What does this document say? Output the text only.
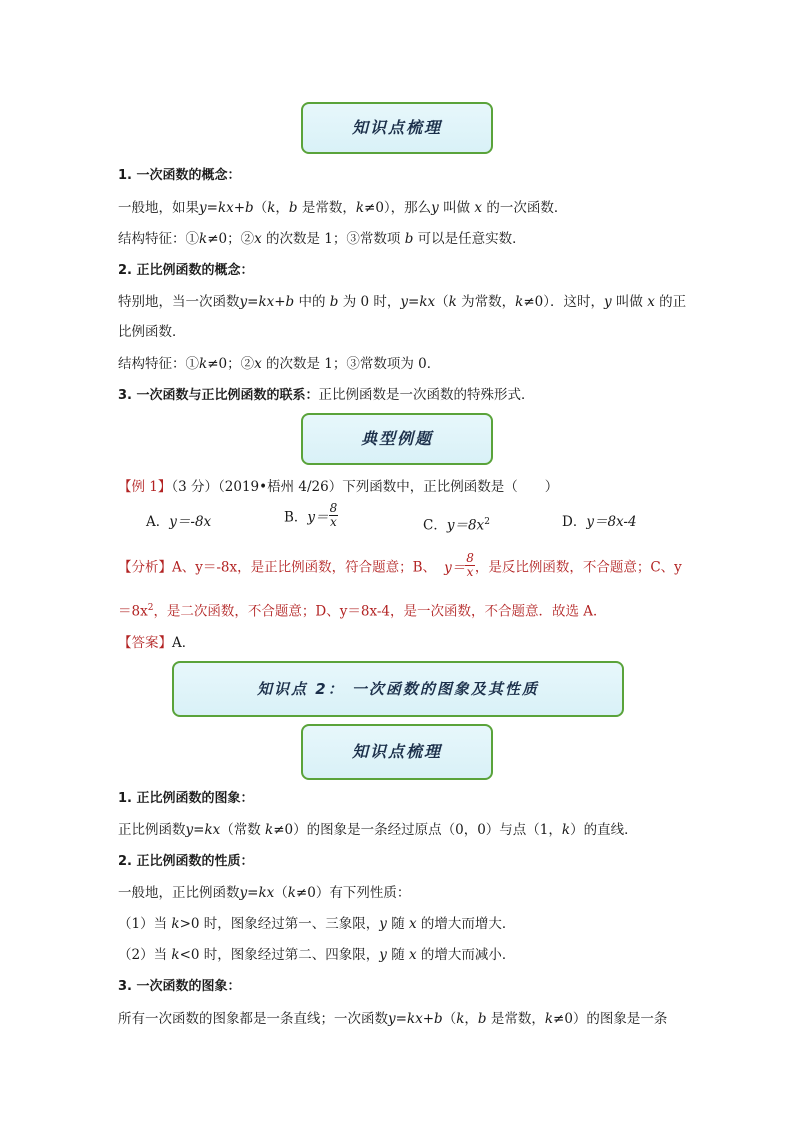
知识点梳理
1. 一次函数的概念：
一般地，如果y=kx+b（k，b 是常数，k≠0），那么y 叫做 x 的一次函数．
结构特征：①k≠0；②x 的次数是 1；③常数项 b 可以是任意实数．
2. 正比例函数的概念：
特别地，当一次函数y=kx+b 中的 b 为 0 时，y=kx（k 为常数，k≠0）．这时，y 叫做 x 的正
比例函数．
结构特征：①k≠0；②x 的次数是 1；③常数项为 0．
3. 一次函数与正比例函数的联系：正比例函数是一次函数的特殊形式．
典型例题
【例 1】（3 分）（2019•梧州 4/26）下列函数中，正比例函数是（　　）
A．y＝-8x	B．$y= \frac{8}{x}$	C．$y=8x^2$	D．y＝8x-4
【分析】A、y＝-8x，是正比例函数，符合题意；B、 $y= \frac{8}{x}$ ，是反比例函数，不合题意；C、y
$=8x^2$，是二次函数，不合题意；D、y＝8x-4，是一次函数，不合题意．故选 A．
【答案】A．
知识点 2： 一次函数的图象及其性质
知识点梳理
1. 正比例函数的图象：
正比例函数y=kx（常数 k≠0）的图象是一条经过原点（0，0）与点（1，k）的直线．
2. 正比例函数的性质：
一般地，正比例函数y=kx（k≠0）有下列性质：
（1）当 k>0 时，图象经过第一、三象限，y 随 x 的增大而增大．
（2）当 k<0 时，图象经过第二、四象限，y 随 x 的增大而减小．
3. 一次函数的图象：
所有一次函数的图象都是一条直线；一次函数y=kx+b（k，b 是常数，k≠0）的图象是一条
